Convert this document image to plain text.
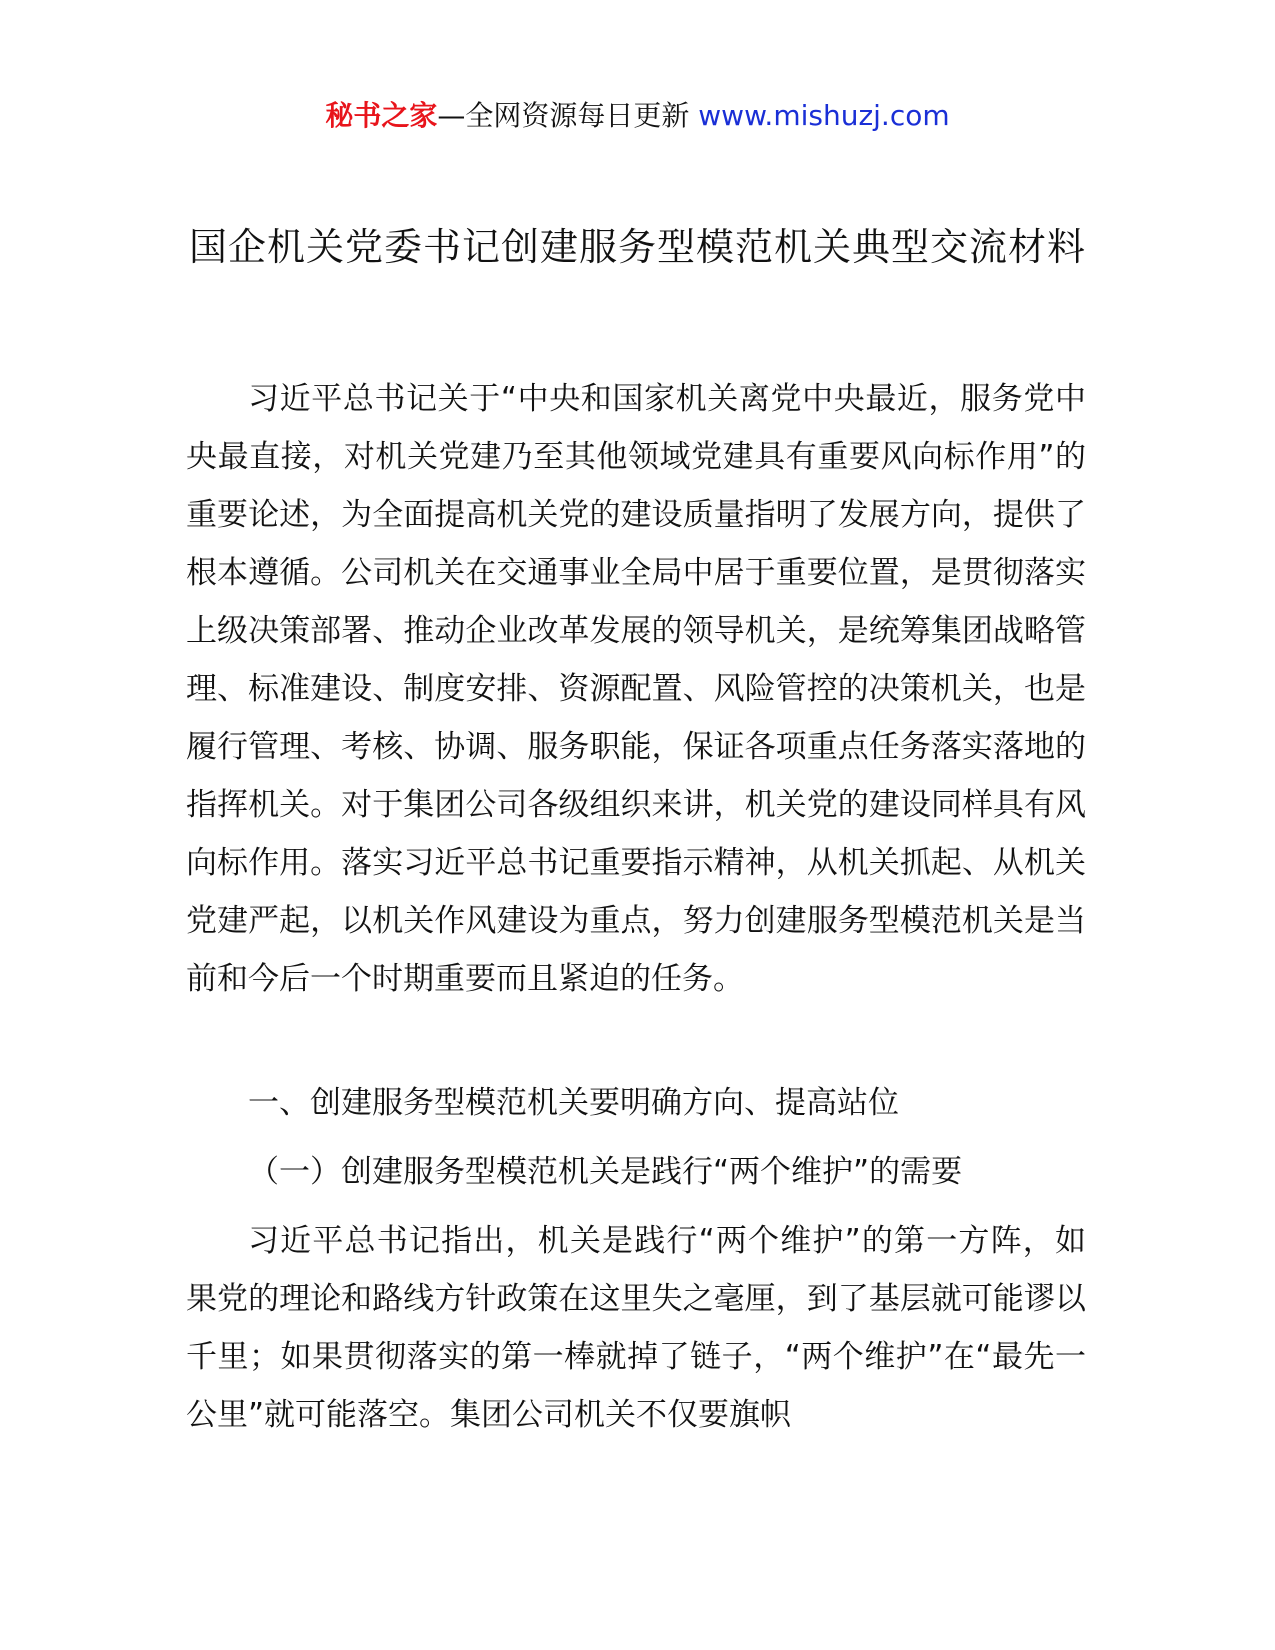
秘书之家—全网资源每日更新 www.mishuzj.com
国企机关党委书记创建服务型模范机关典型交流材料

习近平总书记关于“中央和国家机关离党中央最近，服务党中央最直接，对机关党建乃至其他领域党建具有重要风向标作用”的重要论述，为全面提高机关党的建设质量指明了发展方向，提供了根本遵循。公司机关在交通事业全局中居于重要位置，是贯彻落实上级决策部署、推动企业改革发展的领导机关，是统筹集团战略管理、标准建设、制度安排、资源配置、风险管控的决策机关，也是履行管理、考核、协调、服务职能，保证各项重点任务落实落地的指挥机关。对于集团公司各级组织来讲，机关党的建设同样具有风向标作用。落实习近平总书记重要指示精神，从机关抓起、从机关党建严起，以机关作风建设为重点，努力创建服务型模范机关是当前和今后一个时期重要而且紧迫的任务。

一、创建服务型模范机关要明确方向、提高站位

（一）创建服务型模范机关是践行“两个维护”的需要

习近平总书记指出，机关是践行“两个维护”的第一方阵，如果党的理论和路线方针政策在这里失之毫厘，到了基层就可能谬以千里；如果贯彻落实的第一棒就掉了链子，“两个维护”在“最先一公里”就可能落空。集团公司机关不仅要旗帜
